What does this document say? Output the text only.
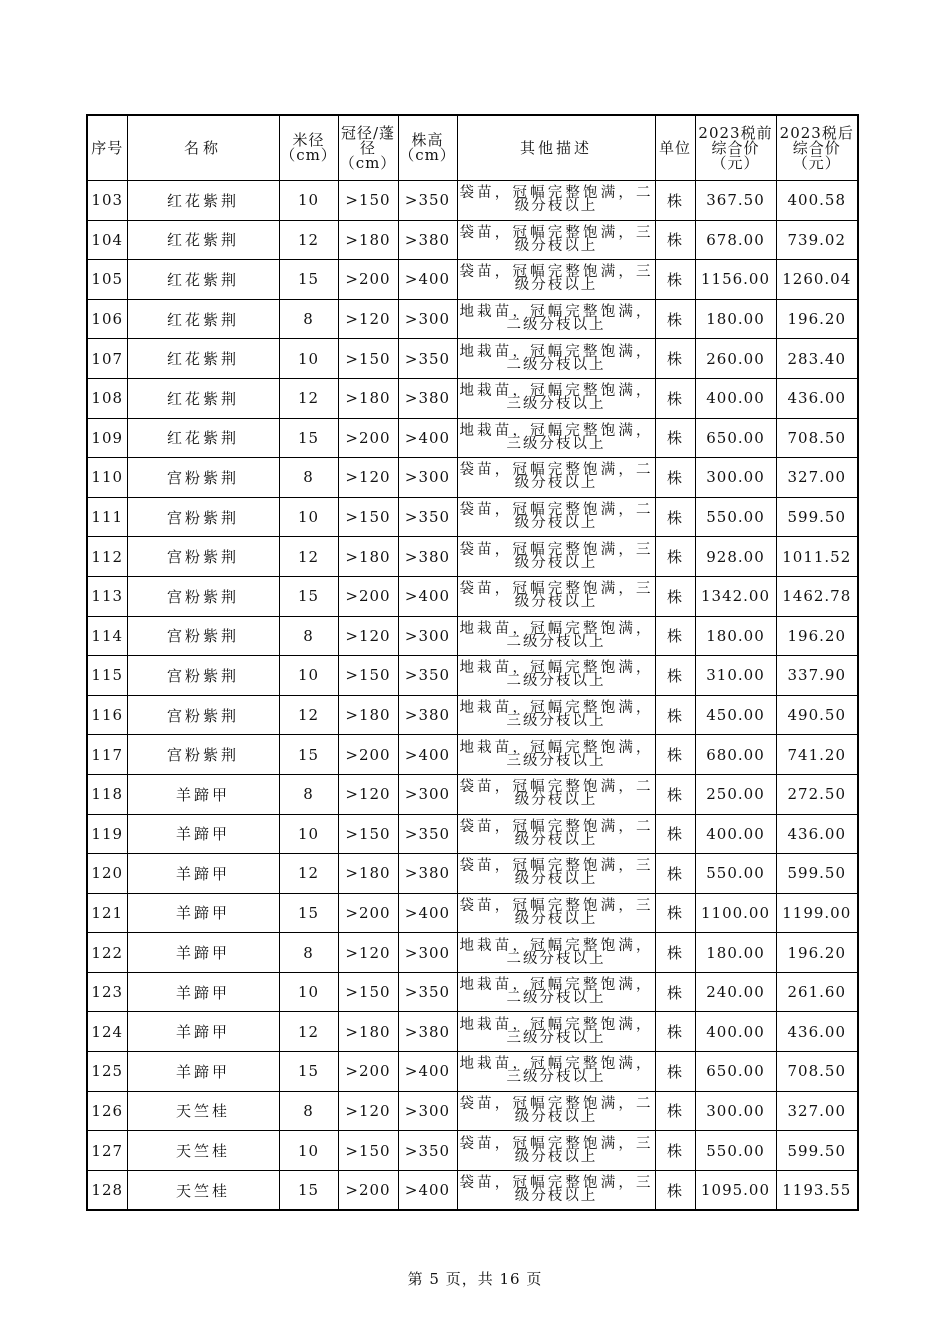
序号	名称	米径（cm）	冠径/蓬径（cm）	株高（cm）	其他描述	单位	2023税前综合价（元）	2023税后综合价（元）
103	红花紫荆	10	>150	>350	袋苗，冠幅完整饱满，二
级分枝以上	株	367.50	400.58
104	红花紫荆	12	>180	>380	袋苗，冠幅完整饱满，三
级分枝以上	株	678.00	739.02
105	红花紫荆	15	>200	>400	袋苗，冠幅完整饱满，三
级分枝以上	株	1156.00	1260.04
106	红花紫荆	8	>120	>300	地栽苗，冠幅完整饱满，
二级分枝以上	株	180.00	196.20
107	红花紫荆	10	>150	>350	地栽苗，冠幅完整饱满，
二级分枝以上	株	260.00	283.40
108	红花紫荆	12	>180	>380	地栽苗，冠幅完整饱满，
三级分枝以上	株	400.00	436.00
109	红花紫荆	15	>200	>400	地栽苗，冠幅完整饱满，
三级分枝以上	株	650.00	708.50
110	宫粉紫荆	8	>120	>300	袋苗，冠幅完整饱满，二
级分枝以上	株	300.00	327.00
111	宫粉紫荆	10	>150	>350	袋苗，冠幅完整饱满，二
级分枝以上	株	550.00	599.50
112	宫粉紫荆	12	>180	>380	袋苗，冠幅完整饱满，三
级分枝以上	株	928.00	1011.52
113	宫粉紫荆	15	>200	>400	袋苗，冠幅完整饱满，三
级分枝以上	株	1342.00	1462.78
114	宫粉紫荆	8	>120	>300	地栽苗，冠幅完整饱满，
二级分枝以上	株	180.00	196.20
115	宫粉紫荆	10	>150	>350	地栽苗，冠幅完整饱满，
二级分枝以上	株	310.00	337.90
116	宫粉紫荆	12	>180	>380	地栽苗，冠幅完整饱满，
三级分枝以上	株	450.00	490.50
117	宫粉紫荆	15	>200	>400	地栽苗，冠幅完整饱满，
三级分枝以上	株	680.00	741.20
118	羊蹄甲	8	>120	>300	袋苗，冠幅完整饱满，二
级分枝以上	株	250.00	272.50
119	羊蹄甲	10	>150	>350	袋苗，冠幅完整饱满，二
级分枝以上	株	400.00	436.00
120	羊蹄甲	12	>180	>380	袋苗，冠幅完整饱满，三
级分枝以上	株	550.00	599.50
121	羊蹄甲	15	>200	>400	袋苗，冠幅完整饱满，三
级分枝以上	株	1100.00	1199.00
122	羊蹄甲	8	>120	>300	地栽苗，冠幅完整饱满，
二级分枝以上	株	180.00	196.20
123	羊蹄甲	10	>150	>350	地栽苗，冠幅完整饱满，
二级分枝以上	株	240.00	261.60
124	羊蹄甲	12	>180	>380	地栽苗，冠幅完整饱满，
三级分枝以上	株	400.00	436.00
125	羊蹄甲	15	>200	>400	地栽苗，冠幅完整饱满，
三级分枝以上	株	650.00	708.50
126	天竺桂	8	>120	>300	袋苗，冠幅完整饱满，二
级分枝以上	株	300.00	327.00
127	天竺桂	10	>150	>350	袋苗，冠幅完整饱满，三
级分枝以上	株	550.00	599.50
128	天竺桂	15	>200	>400	袋苗，冠幅完整饱满，三
级分枝以上	株	1095.00	1193.55
第 5 页，共 16 页
